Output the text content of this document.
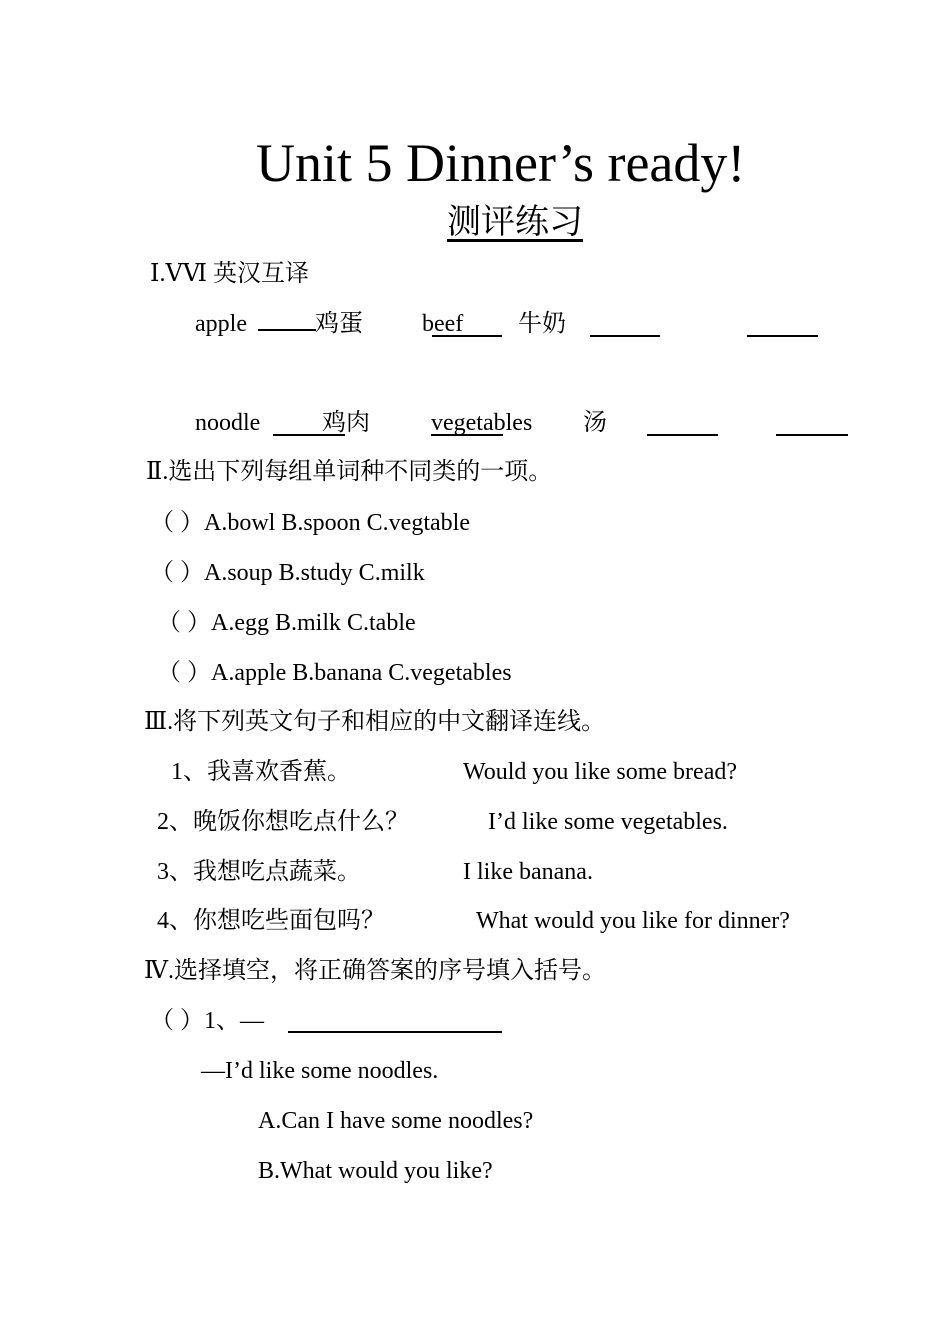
Unit 5 Dinner’s ready!
测评练习
Ⅰ.ⅤⅥ 英汉互译
apple	鸡蛋 beef 牛奶
noodle	鸡肉	vegetables 汤
Ⅱ.选出下列每组单词种不同类的一项。
（ ）A.bowl B.spoon C.vegtable
（ ）A.soup B.study C.milk
（ ）A.egg B.milk C.table
（ ）A.apple B.banana C.vegetables
Ⅲ.将下列英文句子和相应的中文翻译连线。
1、我喜欢香蕉。	Would you like some bread?
2、晚饭你想吃点什么？	I’d like some vegetables.
3、我想吃点蔬菜。	I like banana.
4、你想吃些面包吗？	What would you like for dinner?
Ⅳ.选择填空，将正确答案的序号填入括号。
（ ）1、—
—I’d like some noodles.
A.Can I have some noodles?
B.What would you like?
